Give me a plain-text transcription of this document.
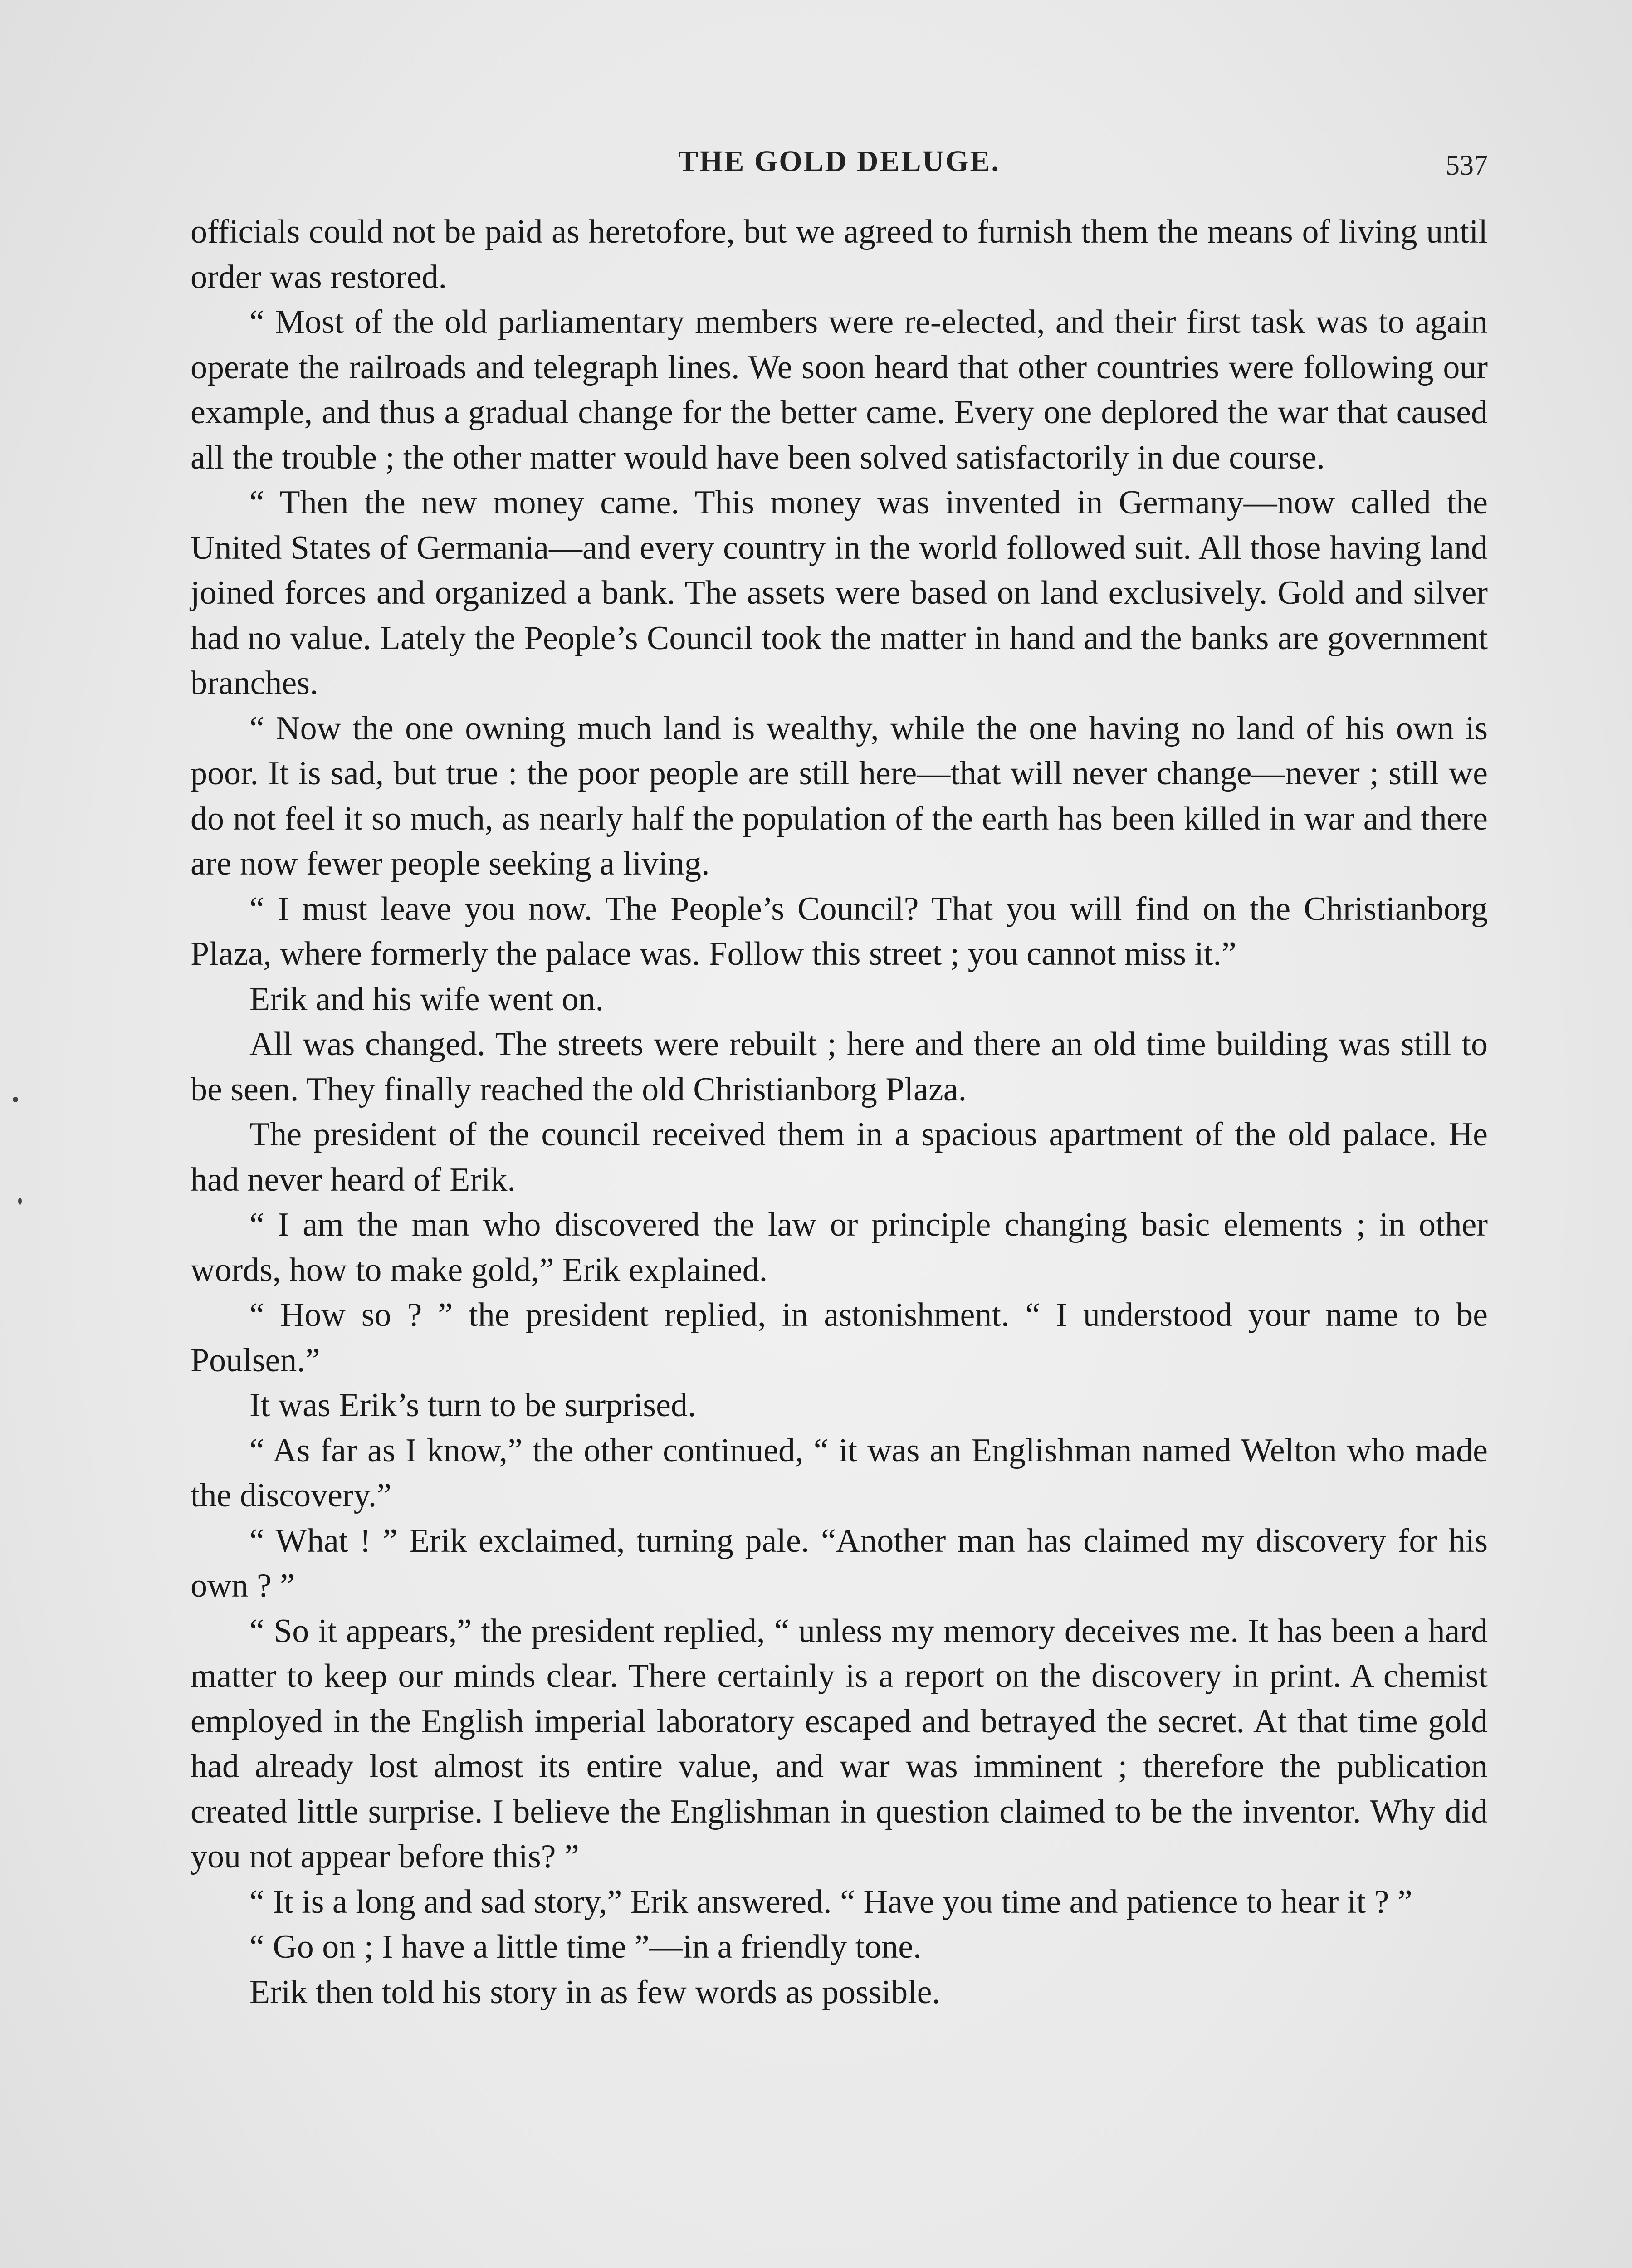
THE GOLD DELUGE.	537

officials could not be paid as heretofore, but we agreed to furnish them the means of living until order was restored.

“ Most of the old parliamentary members were re-elected, and their first task was to again operate the railroads and telegraph lines. We soon heard that other countries were following our example, and thus a gradual change for the better came. Every one deplored the war that caused all the trouble ; the other matter would have been solved satisfactorily in due course.

“ Then the new money came. This money was invented in Germany—now called the United States of Germania—and every country in the world followed suit. All those having land joined forces and organized a bank. The assets were based on land exclusively. Gold and silver had no value. Lately the People’s Council took the matter in hand and the banks are government branches.

“ Now the one owning much land is wealthy, while the one having no land of his own is poor. It is sad, but true : the poor people are still here—that will never change—never ; still we do not feel it so much, as nearly half the population of the earth has been killed in war and there are now fewer people seeking a living.

“ I must leave you now. The People’s Council? That you will find on the Christianborg Plaza, where formerly the palace was. Follow this street ; you cannot miss it.”

Erik and his wife went on.

All was changed. The streets were rebuilt ; here and there an old time building was still to be seen. They finally reached the old Christianborg Plaza.

The president of the council received them in a spacious apartment of the old palace. He had never heard of Erik.

“ I am the man who discovered the law or principle changing basic elements ; in other words, how to make gold,” Erik explained.

“ How so ? ” the president replied, in astonishment. “ I understood your name to be Poulsen.”

It was Erik’s turn to be surprised.

“ As far as I know,” the other continued, “ it was an Englishman named Welton who made the discovery.”

“ What ! ” Erik exclaimed, turning pale. “Another man has claimed my discovery for his own ? ”

“ So it appears,” the president replied, “ unless my memory deceives me. It has been a hard matter to keep our minds clear. There certainly is a report on the discovery in print. A chemist employed in the English imperial laboratory escaped and betrayed the secret. At that time gold had already lost almost its entire value, and war was imminent ; therefore the publication created little surprise. I believe the Englishman in question claimed to be the inventor. Why did you not appear before this? ”

“ It is a long and sad story,” Erik answered. “ Have you time and patience to hear it ? ”

“ Go on ; I have a little time ”—in a friendly tone.

Erik then told his story in as few words as possible.
